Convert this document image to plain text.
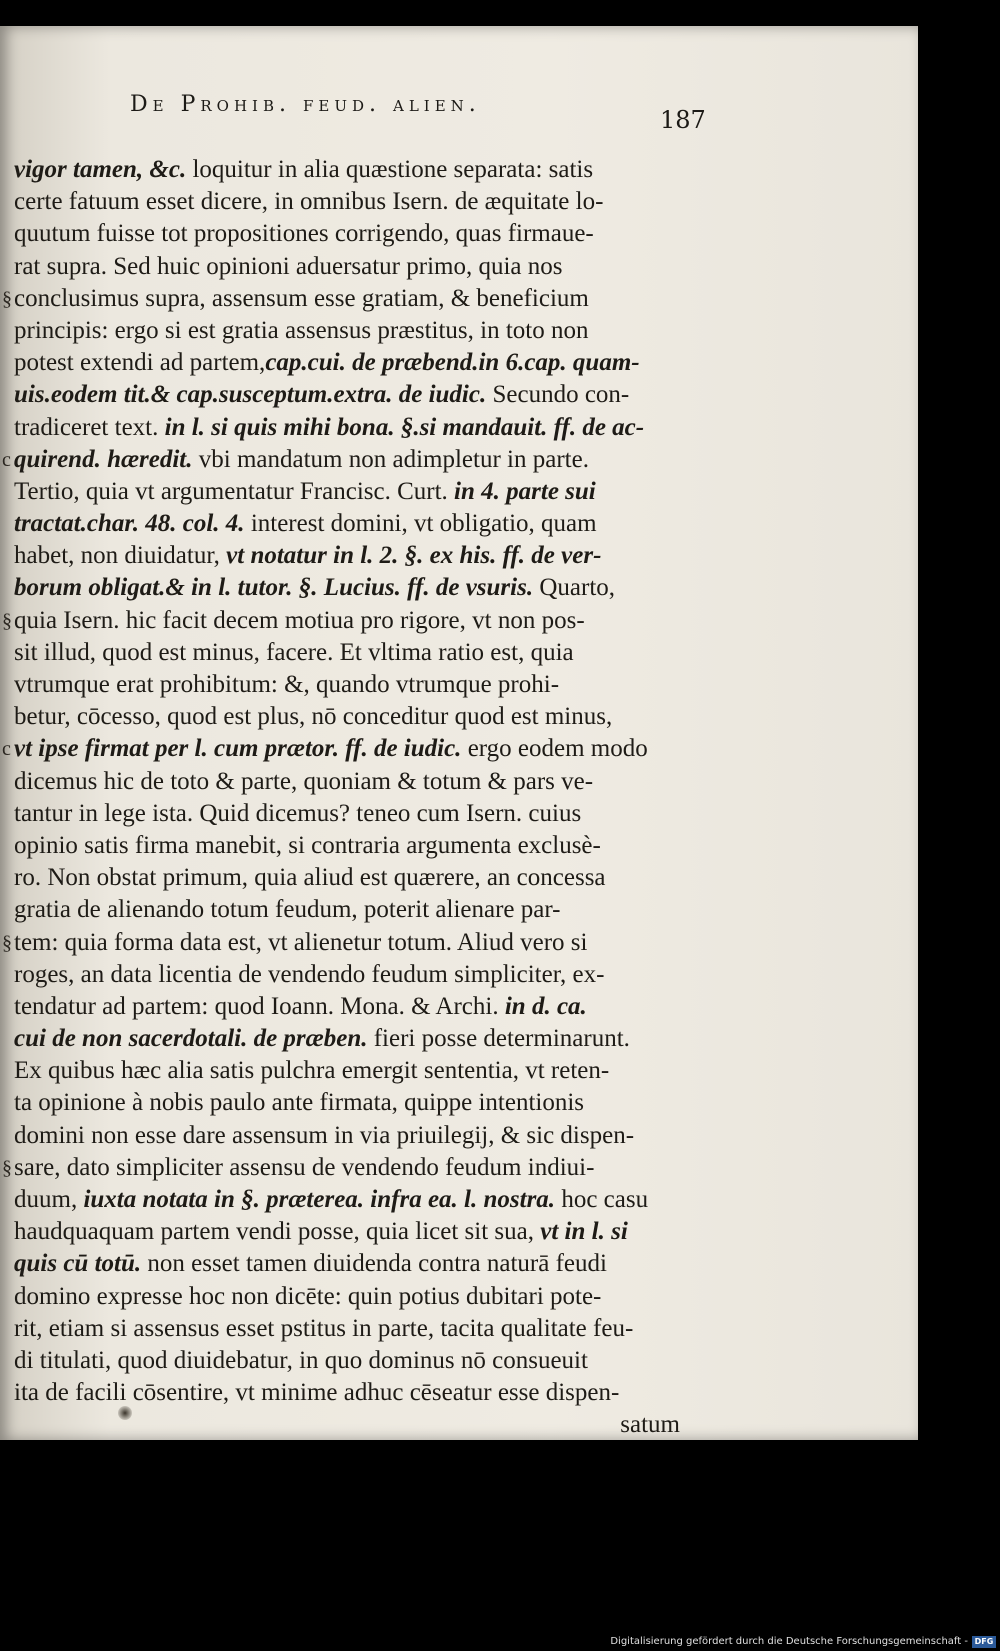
De Prohib. feud. alien.
187
vigor tamen, &c. loquitur in alia quæstione separata: satis
certe fatuum esset dicere, in omnibus Isern. de æquitate lo-
quutum fuisse tot propositiones corrigendo, quas firmaue-
rat supra. Sed huic opinioni aduersatur primo, quia nos
conclusimus supra, assensum esse gratiam, & beneficium
§
principis: ergo si est gratia assensus præstitus, in toto non
potest extendi ad partem,cap.cui. de præbend.in 6.cap. quam-
uis.eodem tit.& cap.susceptum.extra. de iudic. Secundo con-
tradiceret text. in l. si quis mihi bona. §.si mandauit. ff. de ac-
quirend. hæredit. vbi mandatum non adimpletur in parte.
c
Tertio, quia vt argumentatur Francisc. Curt. in 4. parte sui
tractat.char. 48. col. 4. interest domini, vt obligatio, quam
habet, non diuidatur, vt notatur in l. 2. §. ex his. ff. de ver-
borum obligat.& in l. tutor. §. Lucius. ff. de vsuris. Quarto,
quia Isern. hic facit decem motiua pro rigore, vt non pos-
§
sit illud, quod est minus, facere. Et vltima ratio est, quia
vtrumque erat prohibitum: &, quando vtrumque prohi-
betur, cōcesso, quod est plus, nō conceditur quod est minus,
vt ipse firmat per l. cum prætor. ff. de iudic. ergo eodem modo
c
dicemus hic de toto & parte, quoniam & totum & pars ve-
tantur in lege ista. Quid dicemus? teneo cum Isern. cuius
opinio satis firma manebit, si contraria argumenta exclusè-
ro. Non obstat primum, quia aliud est quærere, an concessa
gratia de alienando totum feudum, poterit alienare par-
tem: quia forma data est, vt alienetur totum. Aliud vero si
§
roges, an data licentia de vendendo feudum simpliciter, ex-
tendatur ad partem: quod Ioann. Mona. & Archi. in d. ca.
cui de non sacerdotali. de præben. fieri posse determinarunt.
Ex quibus hæc alia satis pulchra emergit sententia, vt reten-
ta opinione à nobis paulo ante firmata, quippe intentionis
domini non esse dare assensum in via priuilegij, & sic dispen-
sare, dato simpliciter assensu de vendendo feudum indiui-
§
duum, iuxta notata in §. præterea. infra ea. l. nostra. hoc casu
haudquaquam partem vendi posse, quia licet sit sua, vt in l. si
quis cū totū. non esset tamen diuidenda contra naturā feudi
domino expresse hoc non dicēte: quin potius dubitari pote-
rit, etiam si assensus esset pstitus in parte, tacita qualitate feu-
di titulati, quod diuidebatur, in quo dominus nō consueuit
ita de facili cōsentire, vt minime adhuc cēseatur esse dispen-
satum
Digitalisierung gefördert durch die Deutsche Forschungsgemeinschaft - DFG
